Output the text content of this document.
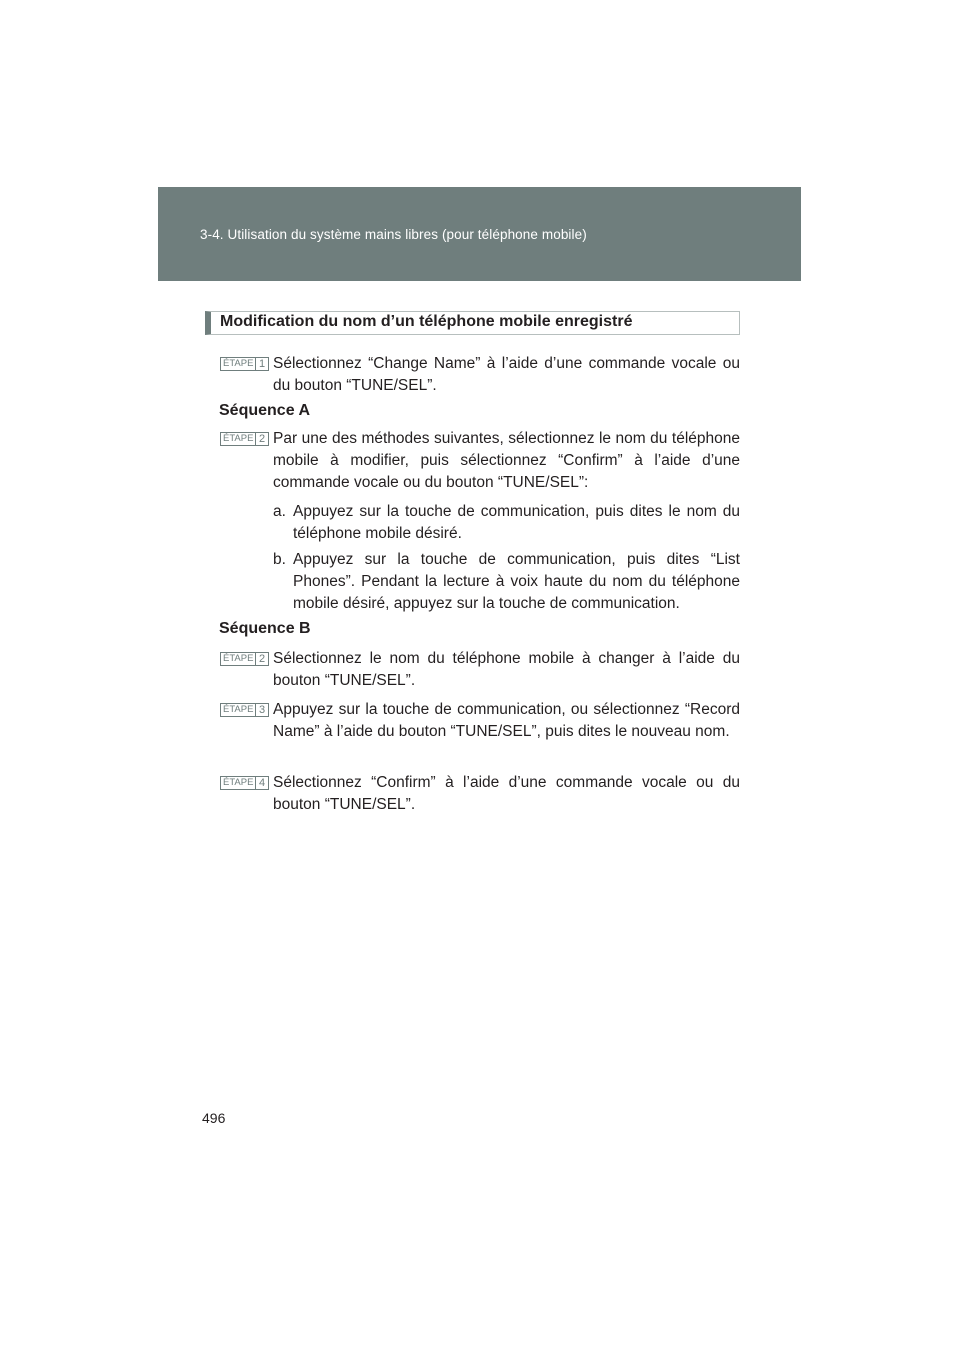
3-4. Utilisation du système mains libres (pour téléphone mobile)
Modification du nom d’un téléphone mobile enregistré
ÉTAPE 1 Sélectionnez “Change Name” à l’aide d’une commande vocale ou du bouton “TUNE/SEL”.
Séquence A
ÉTAPE 2 Par une des méthodes suivantes, sélectionnez le nom du téléphone mobile à modifier, puis sélectionnez “Confirm” à l’aide d’une commande vocale ou du bouton “TUNE/SEL”:
a. Appuyez sur la touche de communication, puis dites le nom du téléphone mobile désiré.
b. Appuyez sur la touche de communication, puis dites “List Phones”. Pendant la lecture à voix haute du nom du téléphone mobile désiré, appuyez sur la touche de communication.
Séquence B
ÉTAPE 2 Sélectionnez le nom du téléphone mobile à changer à l’aide du bouton “TUNE/SEL”.
ÉTAPE 3 Appuyez sur la touche de communication, ou sélectionnez “Record Name” à l’aide du bouton “TUNE/SEL”, puis dites le nouveau nom.
ÉTAPE 4 Sélectionnez “Confirm” à l’aide d’une commande vocale ou du bouton “TUNE/SEL”.
496
